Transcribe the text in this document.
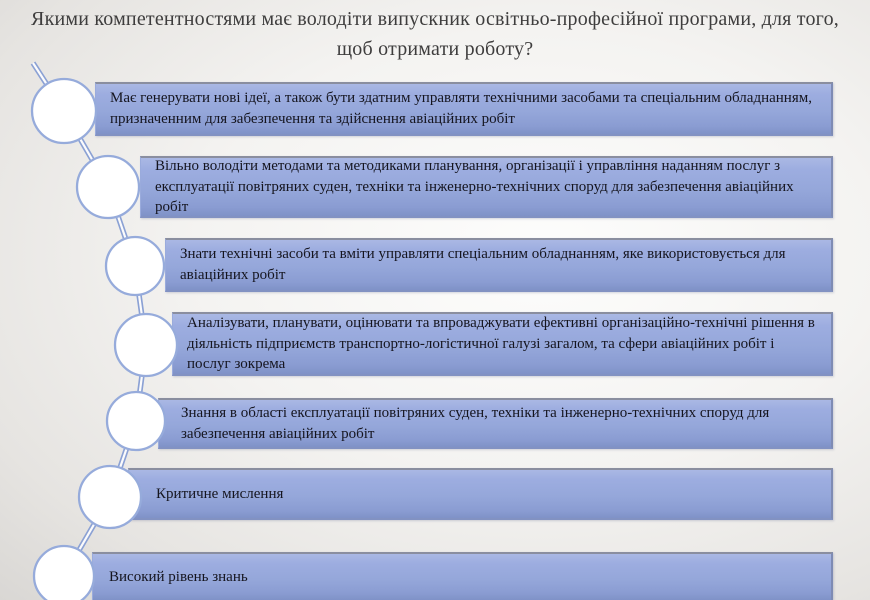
Якими компетентностями має володіти випускник освітньо-професійної програми, для того, щоб отримати роботу?
Має генерувати нові ідеї, а також бути здатним управляти технічними засобами та спеціальним обладнанням, призначенним для забезпечення та здійснення авіаційних робіт
Вільно володіти методами та методиками планування, організації і управління наданням послуг з експлуатації повітряних суден, техніки та інженерно-технічних споруд для забезпечення авіаційних робіт
Знати технічні засоби та вміти управляти спеціальним обладнанням, яке використовується для авіаційних робіт
Аналізувати, планувати, оцінювати та впроваджувати ефективні організаційно-технічні рішення в діяльність підприємств транспортно-логістичної галузі загалом, та сфери авіаційних робіт і послуг зокрема
Знання в області експлуатації повітряних суден, техніки та інженерно-технічних споруд для забезпечення авіаційних робіт
Критичне мислення
Високий рівень знань
